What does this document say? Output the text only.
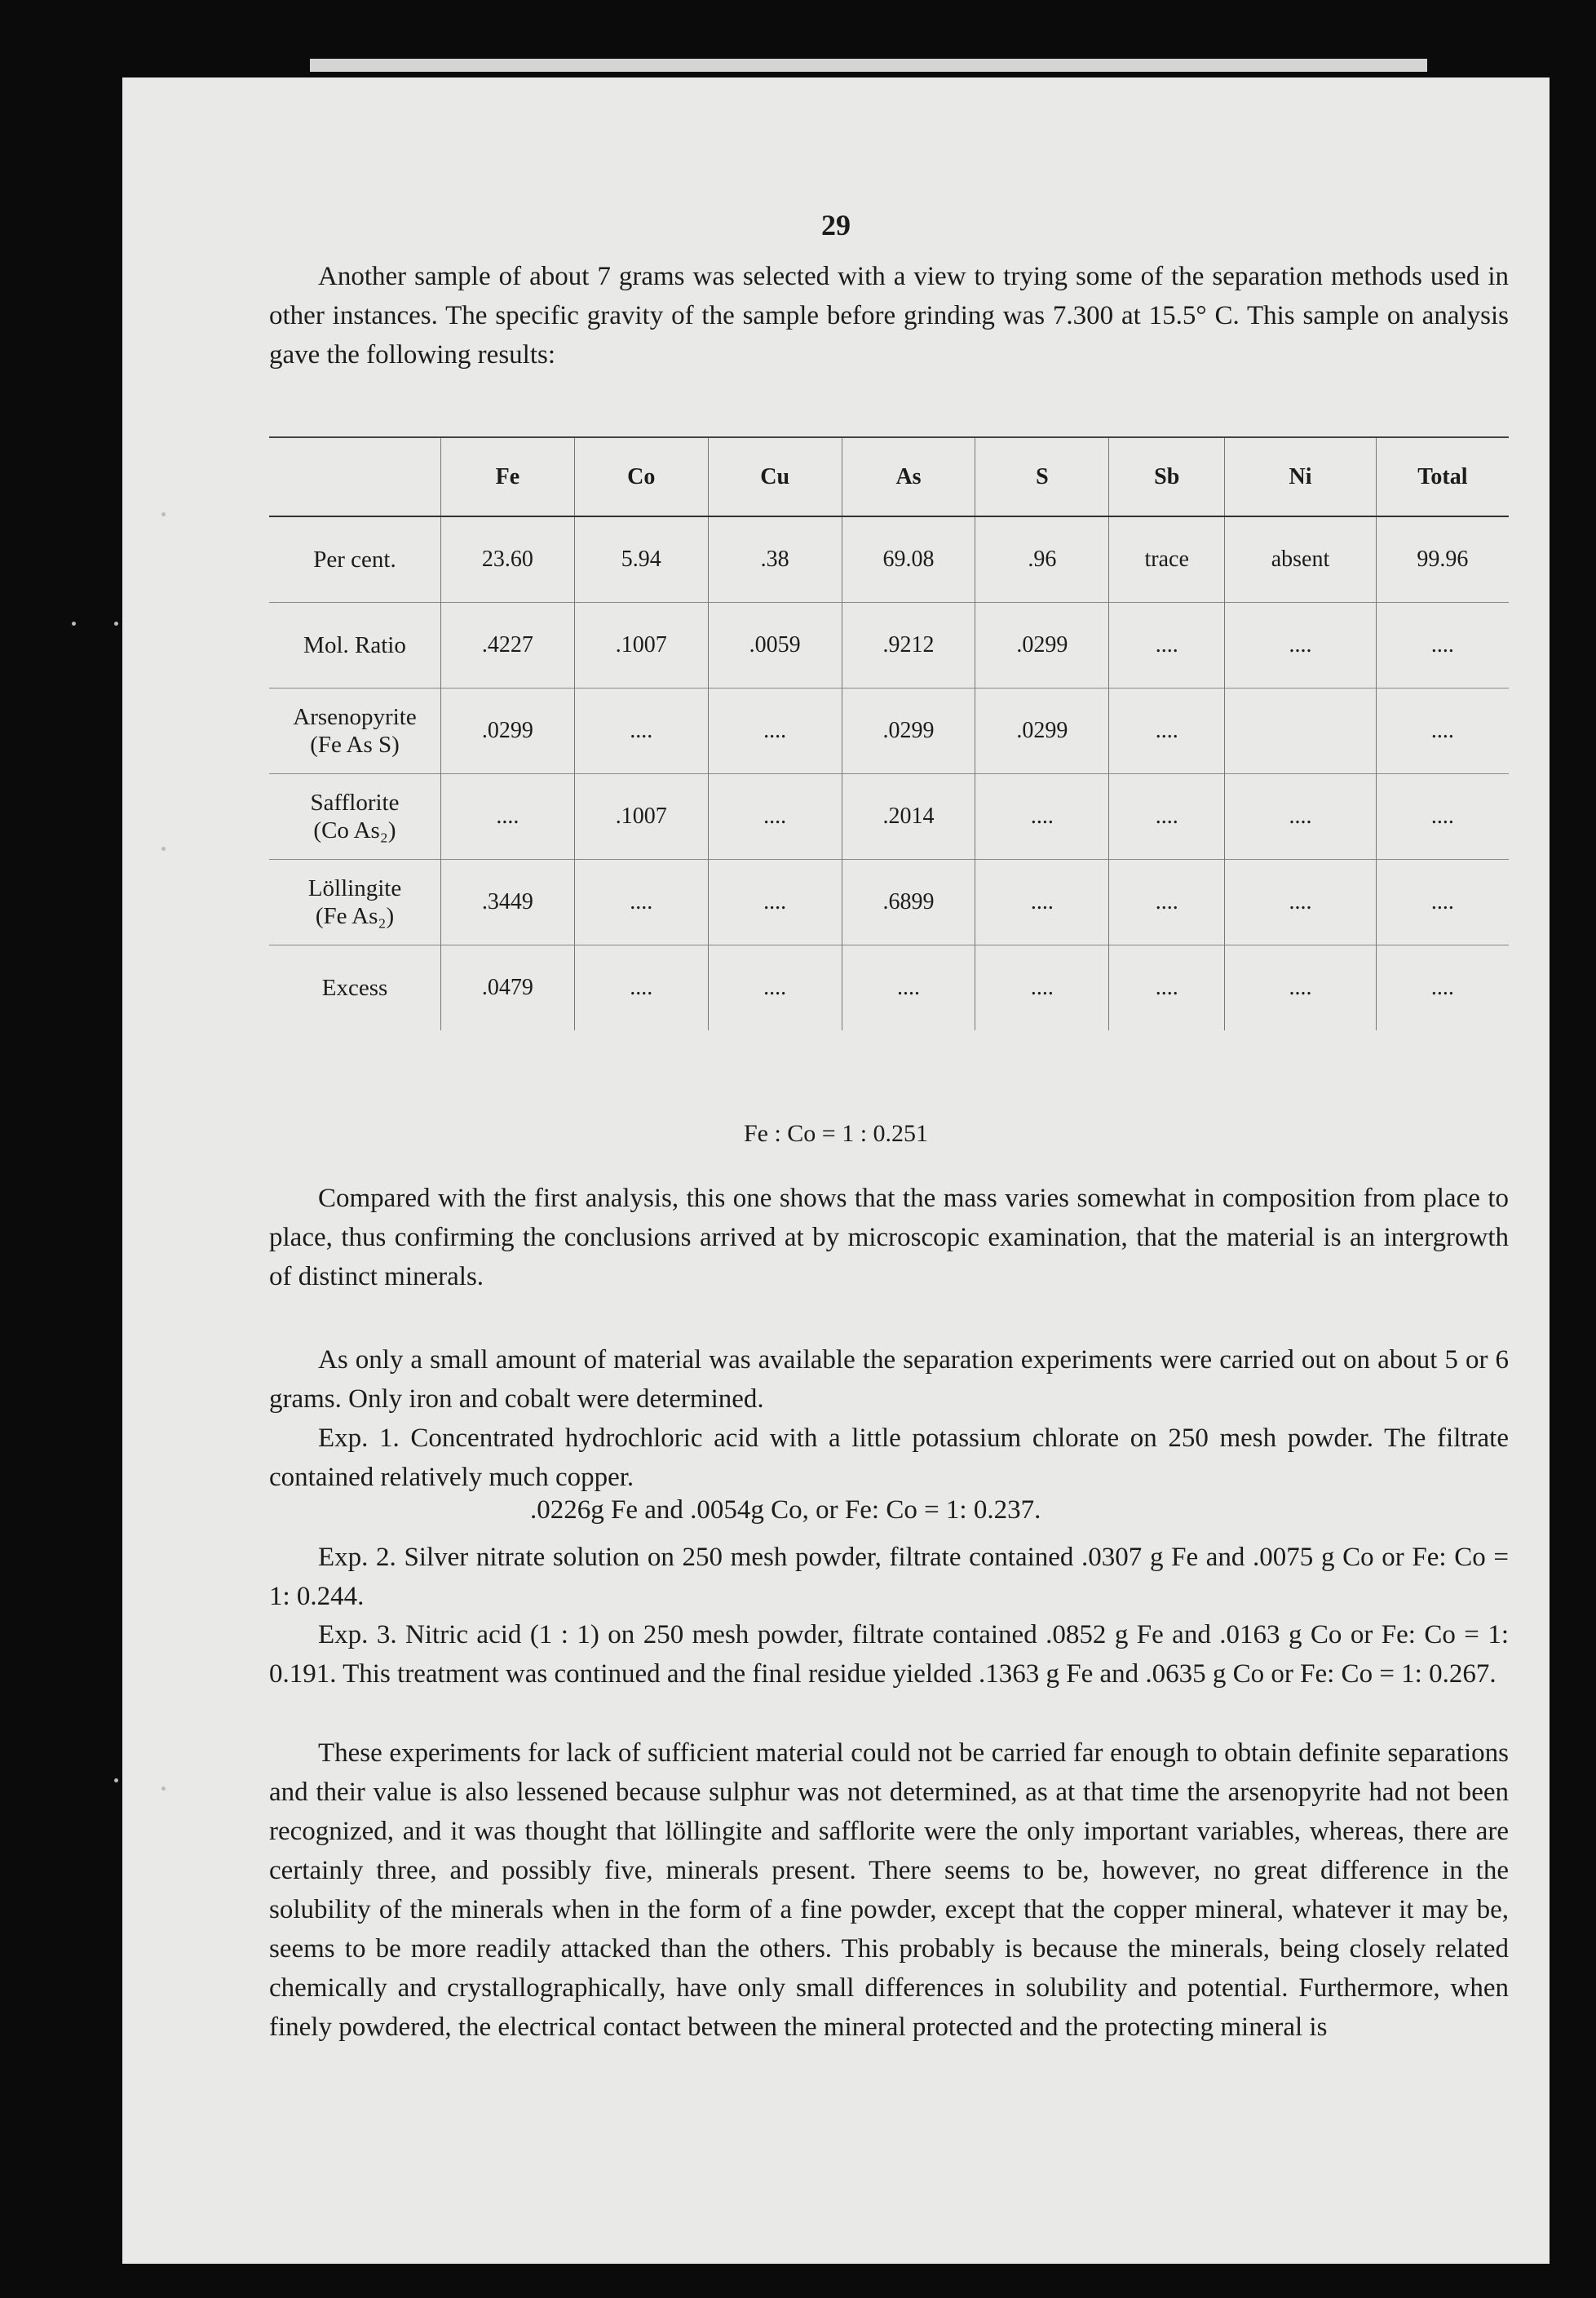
29

Another sample of about 7 grams was selected with a view to trying some of the separation methods used in other instances. The specific gravity of the sample before grinding was 7.300 at 15.5° C. This sample on analysis gave the following results:

	Fe	Co	Cu	As	S	Sb	Ni	Total
Per cent.	23.60	5.94	.38	69.08	.96	trace	absent	99.96
Mol. Ratio	.4227	.1007	.0059	.9212	.0299	....	....	....
Arsenopyrite
(Fe As S)	.0299	....	....	.0299	.0299	....		....
Safflorite
(Co As₂)	....	.1007	....	.2014	....	....	....	....
Löllingite
(Fe As₂)	.3449	....	....	.6899	....	....	....	....
Excess	.0479	....	....	....	....	....	....	....
Fe : Co = 1 : 0.251

Compared with the first analysis, this one shows that the mass varies somewhat in composition from place to place, thus confirming the conclusions arrived at by microscopic examination, that the material is an intergrowth of distinct minerals.

As only a small amount of material was available the separation experiments were carried out on about 5 or 6 grams. Only iron and cobalt were determined.

Exp. 1. Concentrated hydrochloric acid with a little potassium chlorate on 250 mesh powder. The filtrate contained relatively much copper.

.0226g Fe and .0054g Co, or Fe: Co = 1: 0.237.

Exp. 2. Silver nitrate solution on 250 mesh powder, filtrate contained .0307 g Fe and .0075 g Co or Fe: Co = 1: 0.244.

Exp. 3. Nitric acid (1 : 1) on 250 mesh powder, filtrate contained .0852 g Fe and .0163 g Co or Fe: Co = 1: 0.191. This treatment was continued and the final residue yielded .1363 g Fe and .0635 g Co or Fe: Co = 1: 0.267.

These experiments for lack of sufficient material could not be carried far enough to obtain definite separations and their value is also lessened because sulphur was not determined, as at that time the arsenopyrite had not been recognized, and it was thought that löllingite and safflorite were the only important variables, whereas, there are certainly three, and possibly five, minerals present. There seems to be, however, no great difference in the solubility of the minerals when in the form of a fine powder, except that the copper mineral, whatever it may be, seems to be more readily attacked than the others. This probably is because the minerals, being closely related chemically and crystallographically, have only small differences in solubility and potential. Furthermore, when finely powdered, the electrical contact between the mineral protected and the protecting mineral is
